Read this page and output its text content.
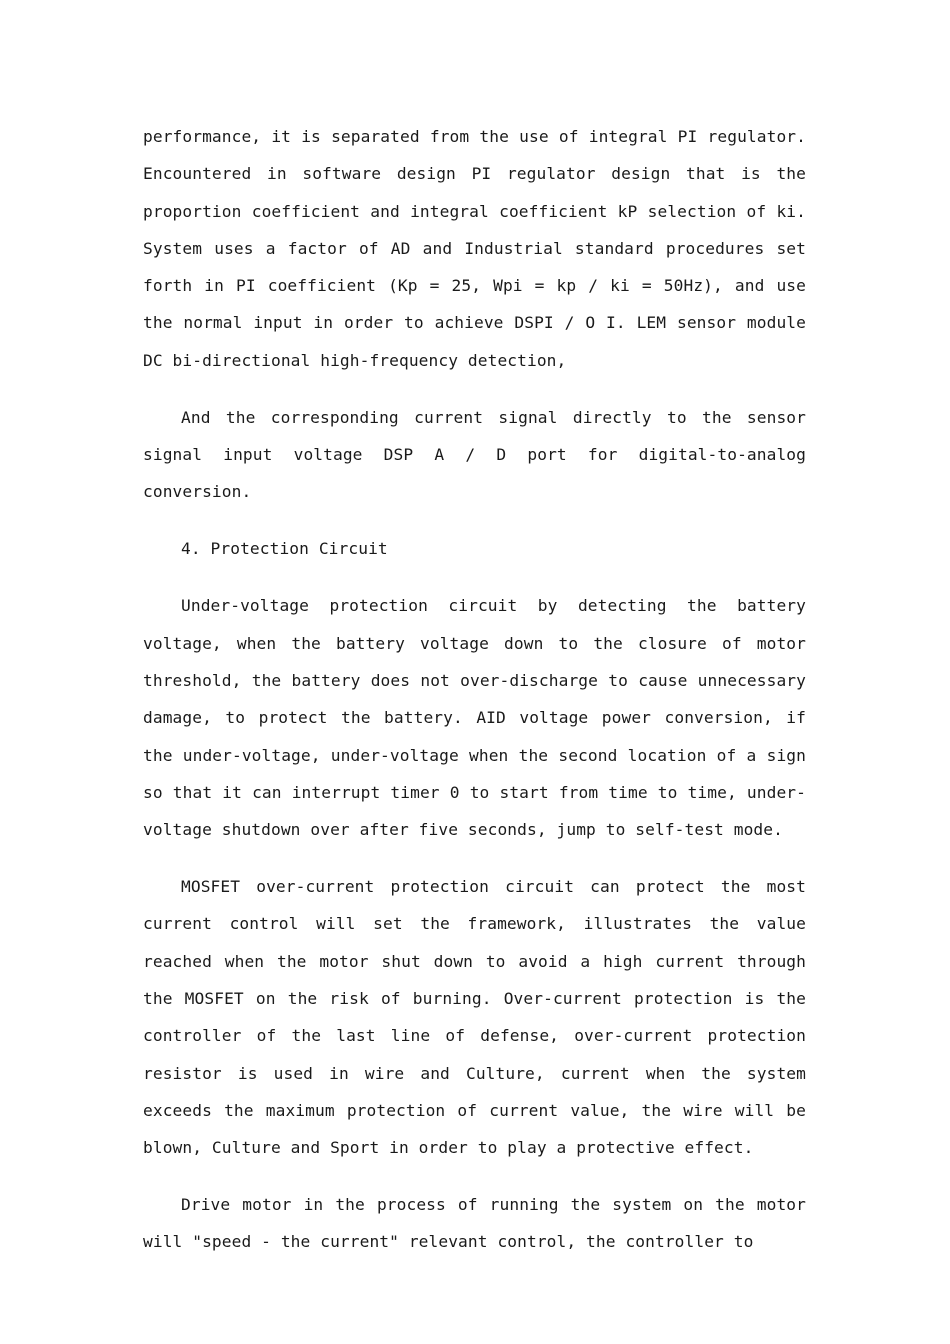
performance, it is separated from the use of integral PI regulator. Encountered in software design PI regulator design that is the proportion coefficient and integral coefficient kP selection of ki. System uses a factor of AD and Industrial standard procedures set forth in PI coefficient (Kp = 25, Wpi = kp / ki = 50Hz), and use the normal input in order to achieve DSPI / O I. LEM sensor module DC bi-directional high-frequency detection,

And the corresponding current signal directly to the sensor signal input voltage DSP A / D port for digital-to-analog conversion.

4. Protection Circuit

Under-voltage protection circuit by detecting the battery voltage, when the battery voltage down to the closure of motor threshold, the battery does not over-discharge to cause unnecessary damage, to protect the battery. AID voltage power conversion, if the under-voltage, under-voltage when the second location of a sign so that it can interrupt timer 0 to start from time to time, under-voltage shutdown over after five seconds, jump to self-test mode.

MOSFET over-current protection circuit can protect the most current control will set the framework, illustrates the value reached when the motor shut down to avoid a high current through the MOSFET on the risk of burning. Over-current protection is the controller of the last line of defense, over-current protection resistor is used in wire and Culture, current when the system exceeds the maximum protection of current value, the wire will be blown, Culture and Sport in order to play a protective effect.

Drive motor in the process of running the system on the motor will "speed - the current" relevant control, the controller to
